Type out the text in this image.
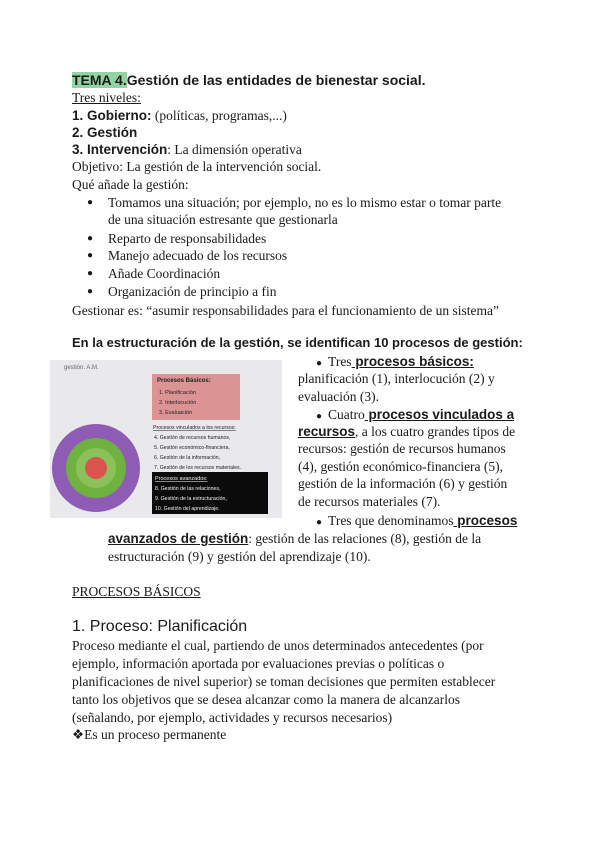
TEMA 4.Gestión de las entidades de bienestar social.
Tres niveles:
1. Gobierno: (políticas, programas,...)
2. Gestión
3. Intervención: La dimensión operativa
Objetivo: La gestión de la intervención social.
Qué añade la gestión:
● Tomamos una situación; por ejemplo, no es lo mismo estar o tomar parte
de una situación estresante que gestionarla
● Reparto de responsabilidades
● Manejo adecuado de los recursos
● Añade Coordinación
● Organización de principio a fin
Gestionar es: “asumir responsabilidades para el funcionamiento de un sistema”
En la estructuración de la gestión, se identifican 10 procesos de gestión:
gestión. A.M.
Procesos Básicos:
1. Planificación
2. Interlocución
3. Evaluación
Procesos vinculados a los recursos:
4. Gestión de recursos humanos,
5. Gestión económico-financiera,
6. Gestión de la información,
7. Gestión de los recursos materiales.
Procesos avanzados:
8. Gestión de las relaciones,
9. Gestión de la estructuración,
10. Gestión del aprendizaje.
● Tres procesos básicos:
planificación (1), interlocución (2) y
evaluación (3).
● Cuatro procesos vinculados a
recursos, a los cuatro grandes tipos de
recursos: gestión de recursos humanos
(4), gestión económico-financiera (5),
gestión de la información (6) y gestión
de recursos materiales (7).
● Tres que denominamos procesos
avanzados de gestión: gestión de las relaciones (8), gestión de la
estructuración (9) y gestión del aprendizaje (10).
PROCESOS BÁSICOS
1. Proceso: Planificación
Proceso mediante el cual, partiendo de unos determinados antecedentes (por
ejemplo, información aportada por evaluaciones previas o políticas o
planificaciones de nivel superior) se toman decisiones que permiten establecer
tanto los objetivos que se desea alcanzar como la manera de alcanzarlos
(señalando, por ejemplo, actividades y recursos necesarios)
❖Es un proceso permanente
